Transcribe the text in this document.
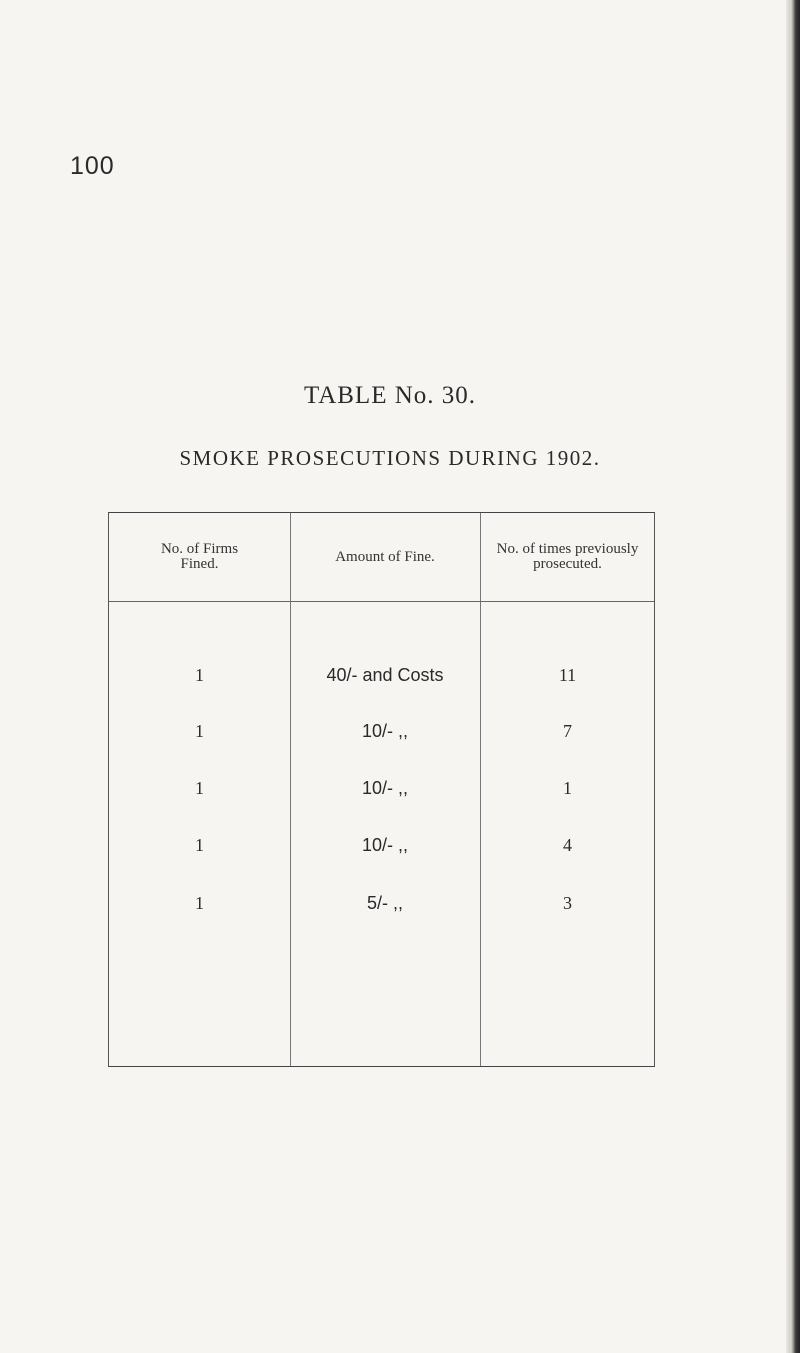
100
TABLE No. 30.
SMOKE PROSECUTIONS DURING 1902.
No. of Firms Fined.	Amount of Fine.	No. of times previously prosecuted.
1	40/- and Costs	11
1	10/- ,,	7
1	10/- ,,	1
1	10/- ,,	4
1	5/- ,,	3
